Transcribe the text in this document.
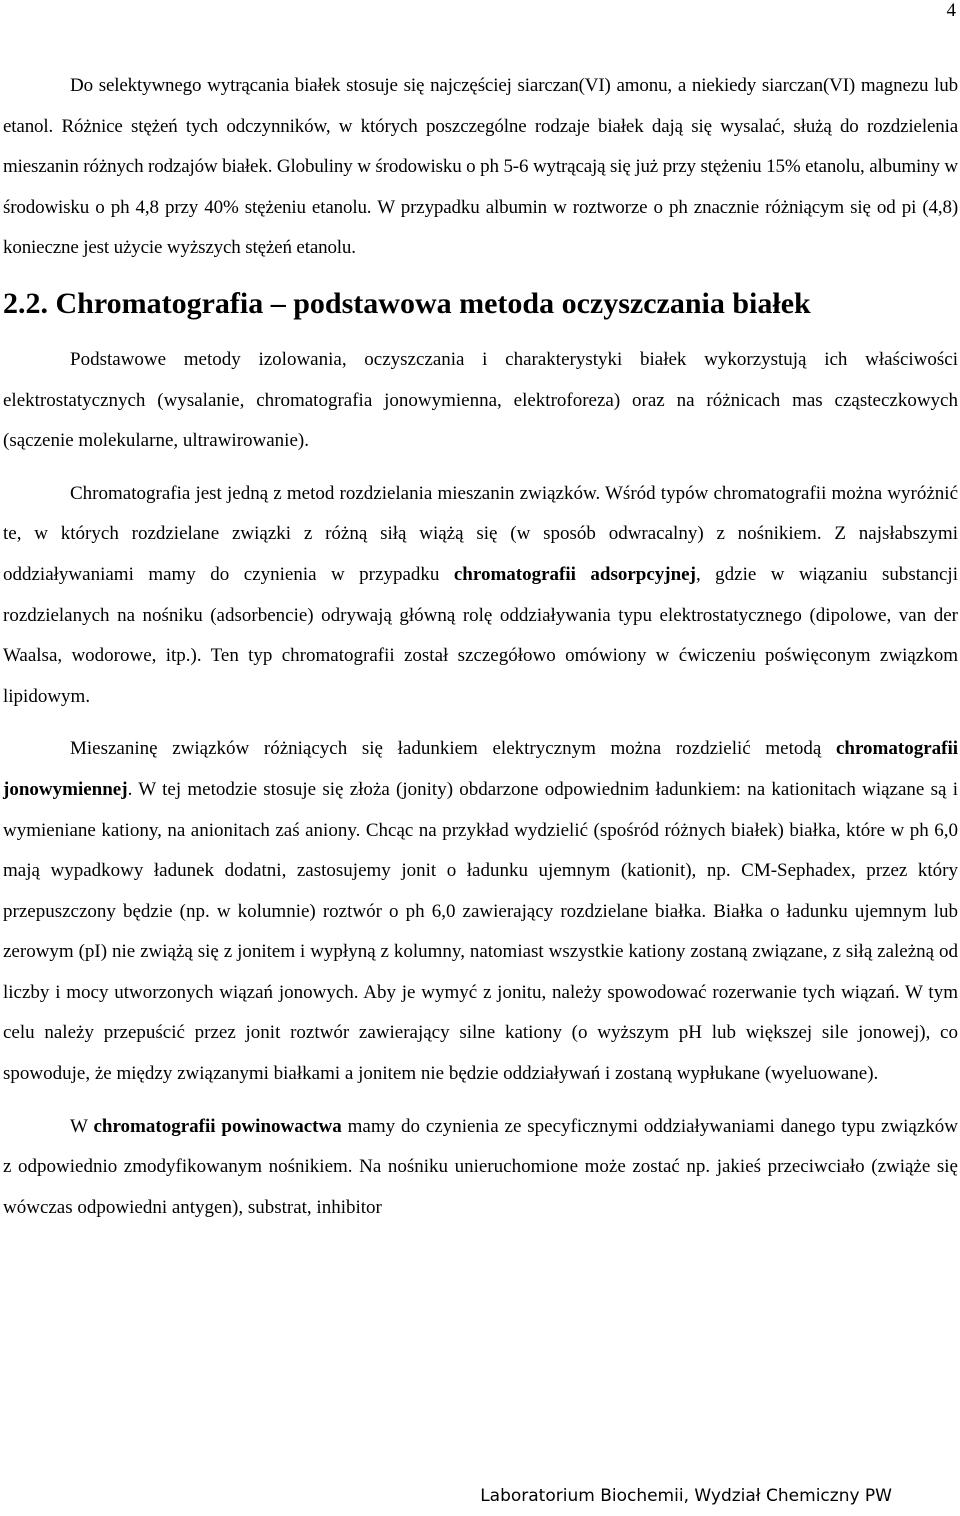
4

Do selektywnego wytrącania białek stosuje się najczęściej siarczan(VI) amonu, a niekiedy siarczan(VI) magnezu lub etanol. Różnice stężeń tych odczynników, w których poszczególne rodzaje białek dają się wysalać, służą do rozdzielenia mieszanin różnych rodzajów białek. Globuliny w środowisku o ph 5-6 wytrącają się już przy stężeniu 15% etanolu, albuminy w środowisku o ph 4,8 przy 40% stężeniu etanolu. W przypadku albumin w roztworze o ph znacznie różniącym się od pi (4,8) konieczne jest użycie wyższych stężeń etanolu.

2.2. Chromatografia – podstawowa metoda oczyszczania białek

Podstawowe metody izolowania, oczyszczania i charakterystyki białek wykorzystują ich właściwości elektrostatycznych (wysalanie, chromatografia jonowymienna, elektroforeza) oraz na różnicach mas cząsteczkowych (sączenie molekularne, ultrawirowanie).

Chromatografia jest jedną z metod rozdzielania mieszanin związków. Wśród typów chromatografii można wyróżnić te, w których rozdzielane związki z różną siłą wiążą się (w sposób odwracalny) z nośnikiem. Z najsłabszymi oddziaływaniami mamy do czynienia w przypadku chromatografii adsorpcyjnej, gdzie w wiązaniu substancji rozdzielanych na nośniku (adsorbencie) odrywają główną rolę oddziaływania typu elektrostatycznego (dipolowe, van der Waalsa, wodorowe, itp.). Ten typ chromatografii został szczegółowo omówiony w ćwiczeniu poświęconym związkom lipidowym.

Mieszaninę związków różniących się ładunkiem elektrycznym można rozdzielić metodą chromatografii jonowymiennej. W tej metodzie stosuje się złoża (jonity) obdarzone odpowiednim ładunkiem: na kationitach wiązane są i wymieniane kationy, na anionitach zaś aniony. Chcąc na przykład wydzielić (spośród różnych białek) białka, które w ph 6,0 mają wypadkowy ładunek dodatni, zastosujemy jonit o ładunku ujemnym (kationit), np. CM-Sephadex, przez który przepuszczony będzie (np. w kolumnie) roztwór o ph 6,0 zawierający rozdzielane białka. Białka o ładunku ujemnym lub zerowym (pI) nie zwiążą się z jonitem i wypłyną z kolumny, natomiast wszystkie kationy zostaną związane, z siłą zależną od liczby i mocy utworzonych wiązań jonowych. Aby je wymyć z jonitu, należy spowodować rozerwanie tych wiązań. W tym celu należy przepuścić przez jonit roztwór zawierający silne kationy (o wyższym pH lub większej sile jonowej), co spowoduje, że między związanymi białkami a jonitem nie będzie oddziaływań i zostaną wypłukane (wyeluowane).

W chromatografii powinowactwa mamy do czynienia ze specyficznymi oddziaływaniami danego typu związków z odpowiednio zmodyfikowanym nośnikiem. Na nośniku unieruchomione może zostać np. jakieś przeciwciało (zwiąże się wówczas odpowiedni antygen), substrat, inhibitor

Laboratorium Biochemii, Wydział Chemiczny PW
